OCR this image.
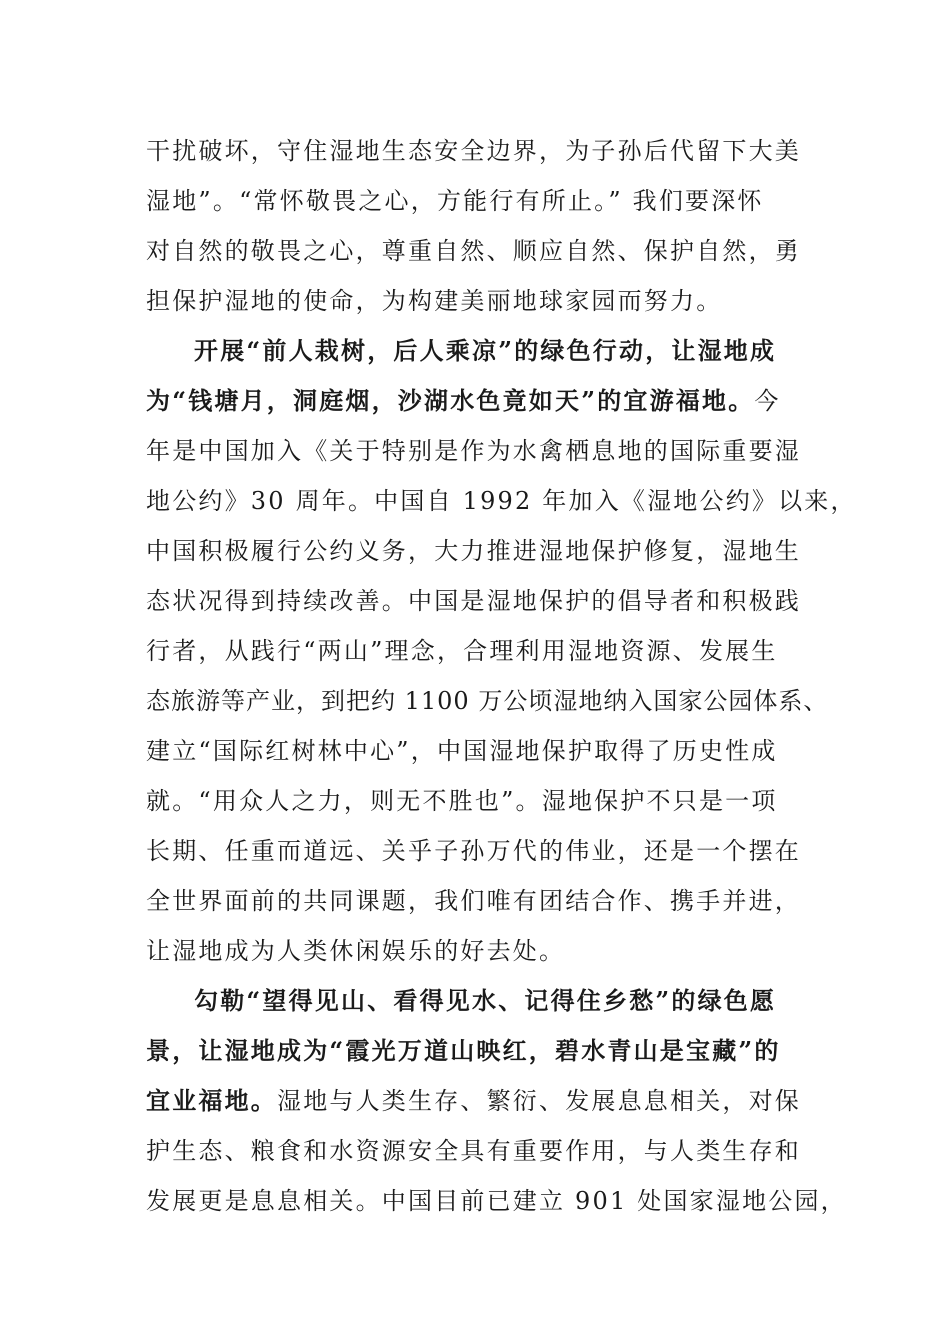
干扰破坏，守住湿地生态安全边界，为子孙后代留下大美
湿地”。“常怀敬畏之心，方能行有所止。” 我们要深怀
对自然的敬畏之心，尊重自然、顺应自然、保护自然，勇
担保护湿地的使命，为构建美丽地球家园而努力。
开展“前人栽树，后人乘凉”的绿色行动，让湿地成
为“钱塘月，洞庭烟，沙湖水色竟如天”的宜游福地。今
年是中国加入《关于特别是作为水禽栖息地的国际重要湿
地公约》30 周年。中国自 1992 年加入《湿地公约》以来，
中国积极履行公约义务，大力推进湿地保护修复，湿地生
态状况得到持续改善。中国是湿地保护的倡导者和积极践
行者，从践行“两山”理念，合理利用湿地资源、发展生
态旅游等产业，到把约 1100 万公顷湿地纳入国家公园体系、
建立“国际红树林中心”，中国湿地保护取得了历史性成
就。“用众人之力，则无不胜也”。湿地保护不只是一项
长期、任重而道远、关乎子孙万代的伟业，还是一个摆在
全世界面前的共同课题，我们唯有团结合作、携手并进，
让湿地成为人类休闲娱乐的好去处。
勾勒“望得见山、看得见水、记得住乡愁”的绿色愿
景，让湿地成为“霞光万道山映红，碧水青山是宝藏”的
宜业福地。湿地与人类生存、繁衍、发展息息相关，对保
护生态、粮食和水资源安全具有重要作用，与人类生存和
发展更是息息相关。中国目前已建立 901 处国家湿地公园，
